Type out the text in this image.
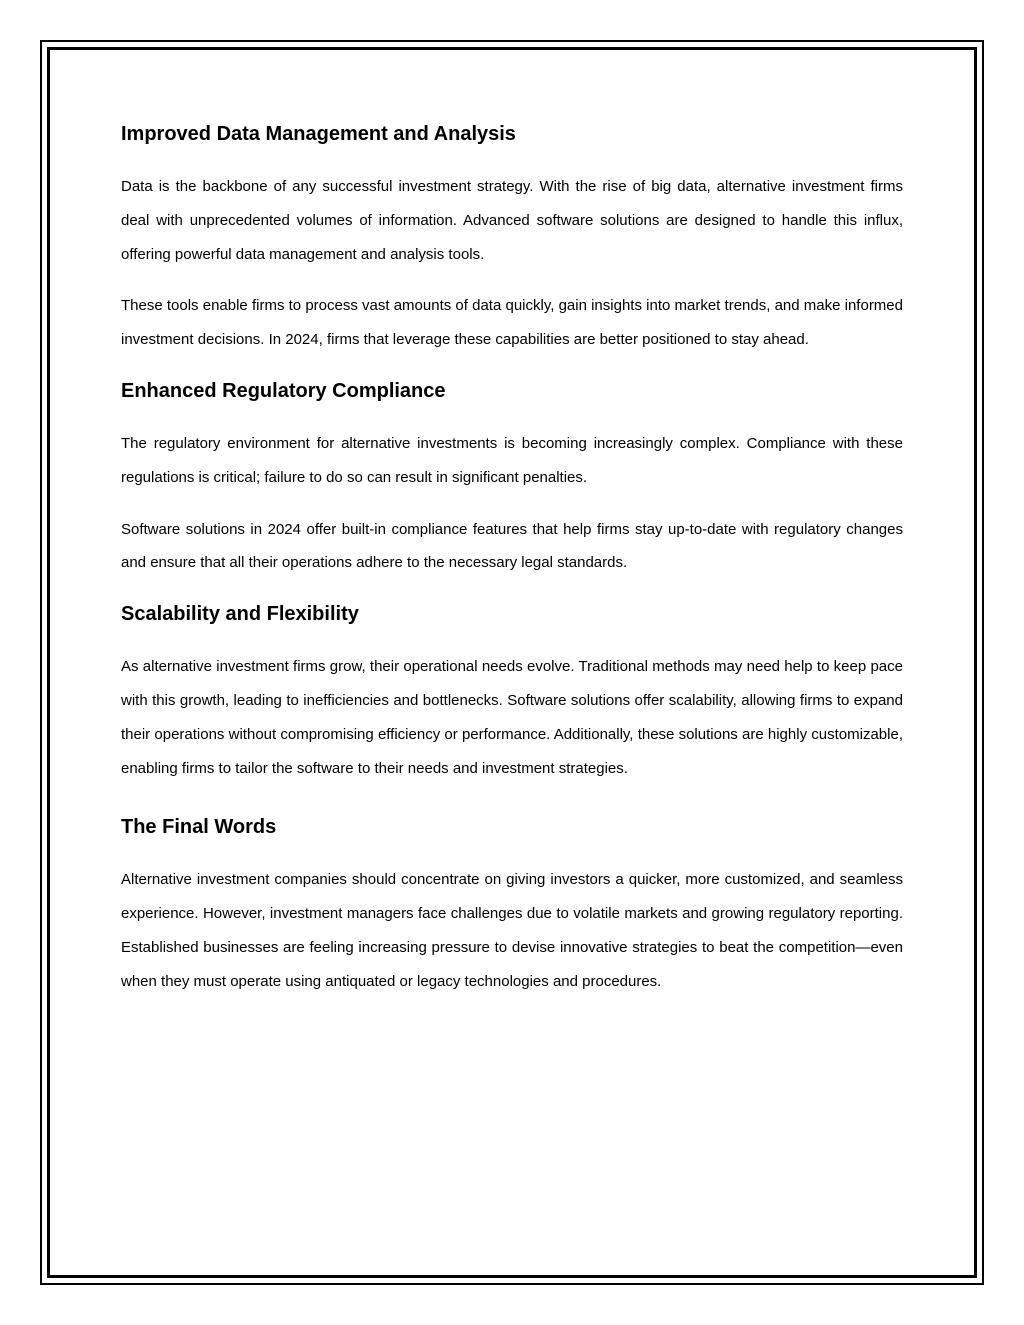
Improved Data Management and Analysis

Data is the backbone of any successful investment strategy. With the rise of big data, alternative investment firms deal with unprecedented volumes of information. Advanced software solutions are designed to handle this influx, offering powerful data management and analysis tools.

These tools enable firms to process vast amounts of data quickly, gain insights into market trends, and make informed investment decisions. In 2024, firms that leverage these capabilities are better positioned to stay ahead.

Enhanced Regulatory Compliance

The regulatory environment for alternative investments is becoming increasingly complex. Compliance with these regulations is critical; failure to do so can result in significant penalties.

Software solutions in 2024 offer built-in compliance features that help firms stay up-to-date with regulatory changes and ensure that all their operations adhere to the necessary legal standards.

Scalability and Flexibility

As alternative investment firms grow, their operational needs evolve. Traditional methods may need help to keep pace with this growth, leading to inefficiencies and bottlenecks. Software solutions offer scalability, allowing firms to expand their operations without compromising efficiency or performance. Additionally, these solutions are highly customizable, enabling firms to tailor the software to their needs and investment strategies.

The Final Words

Alternative investment companies should concentrate on giving investors a quicker, more customized, and seamless experience. However, investment managers face challenges due to volatile markets and growing regulatory reporting. Established businesses are feeling increasing pressure to devise innovative strategies to beat the competition—even when they must operate using antiquated or legacy technologies and procedures.
